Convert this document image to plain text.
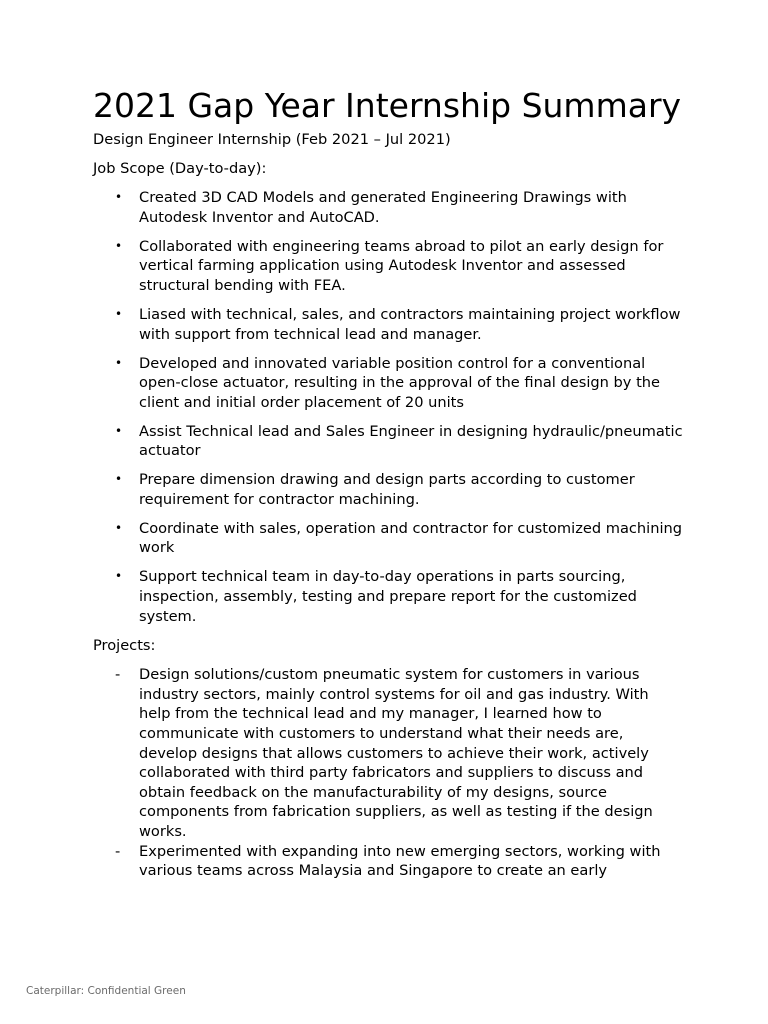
2021 Gap Year Internship Summary

Design Engineer Internship (Feb 2021 – Jul 2021)

Job Scope (Day-to-day):

• Created 3D CAD Models and generated Engineering Drawings with Autodesk Inventor and AutoCAD.
• Collaborated with engineering teams abroad to pilot an early design for vertical farming application using Autodesk Inventor and assessed structural bending with FEA.
• Liased with technical, sales, and contractors maintaining project workflow with support from technical lead and manager.
• Developed and innovated variable position control for a conventional open-close actuator, resulting in the approval of the final design by the client and initial order placement of 20 units
• Assist Technical lead and Sales Engineer in designing hydraulic/pneumatic actuator
• Prepare dimension drawing and design parts according to customer requirement for contractor machining.
• Coordinate with sales, operation and contractor for customized machining work
• Support technical team in day-to-day operations in parts sourcing, inspection, assembly, testing and prepare report for the customized system.

Projects:

- Design solutions/custom pneumatic system for customers in various industry sectors, mainly control systems for oil and gas industry. With help from the technical lead and my manager, I learned how to communicate with customers to understand what their needs are, develop designs that allows customers to achieve their work, actively collaborated with third party fabricators and suppliers to discuss and obtain feedback on the manufacturability of my designs, source components from fabrication suppliers, as well as testing if the design works.
- Experimented with expanding into new emerging sectors, working with various teams across Malaysia and Singapore to create an early
Caterpillar: Confidential Green
